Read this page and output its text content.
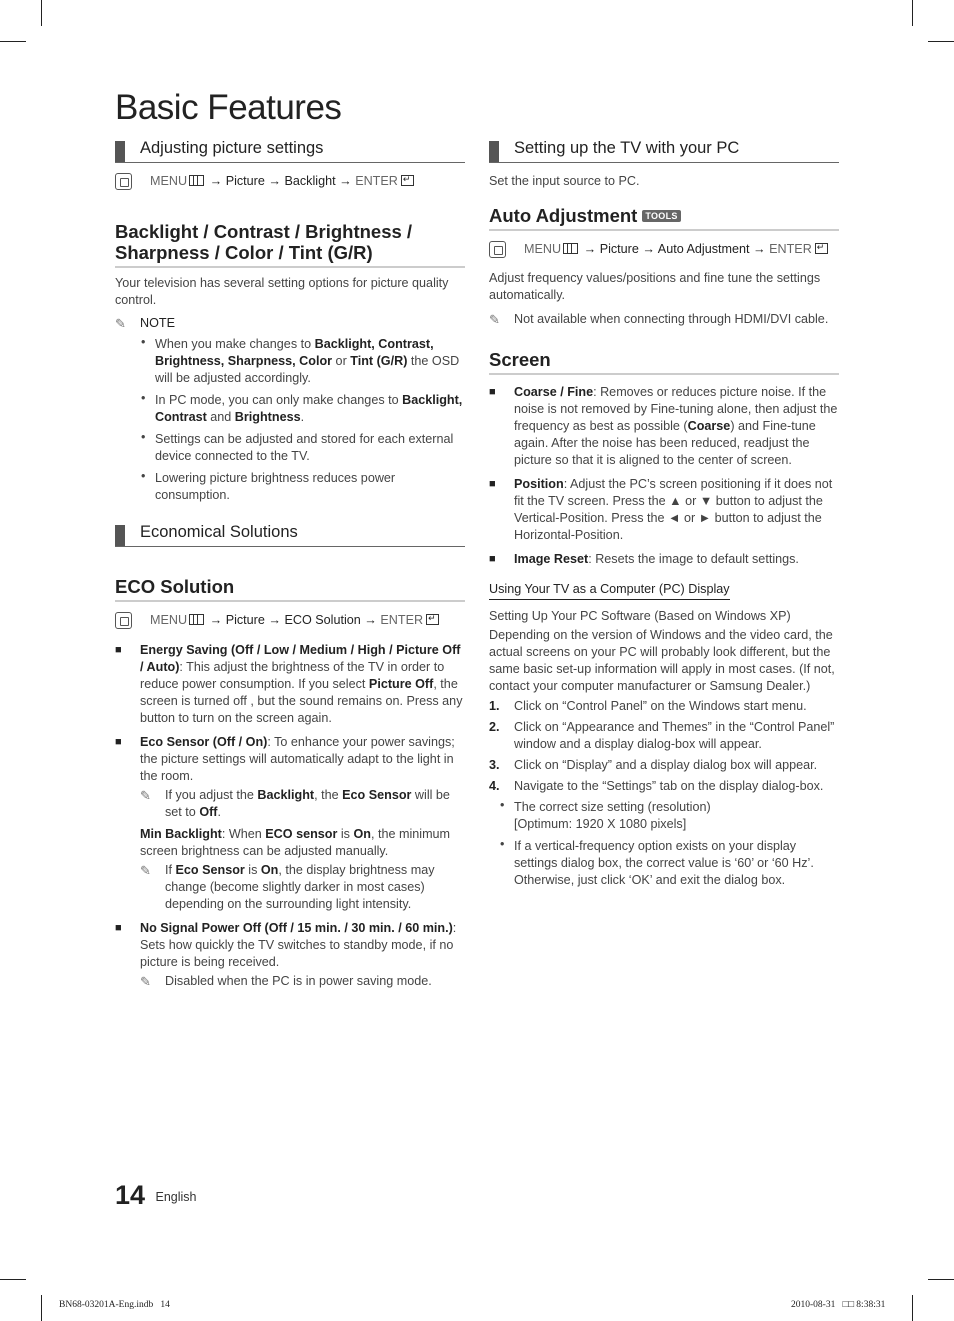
Basic Features
Adjusting picture settings
MENU → Picture → Backlight → ENTER↵
Backlight / Contrast / Brightness / Sharpness / Color / Tint (G/R)

Your television has several setting options for picture quality control.

✎	NOTE
• When you make changes to Backlight, Contrast, Brightness, Sharpness, Color or Tint (G/R) the OSD will be adjusted accordingly.
• In PC mode, you can only make changes to Backlight, Contrast and Brightness.
• Settings can be adjusted and stored for each external device connected to the TV.
• Lowering picture brightness reduces power consumption.
Economical Solutions
ECO Solution
MENU → Picture → ECO Solution → ENTER↵
■ Energy Saving (Off / Low / Medium / High / Picture Off / Auto): This adjust the brightness of the TV in order to reduce power consumption. If you select Picture Off, the screen is turned off , but the sound remains on. Press any button to turn on the screen again.
■ Eco Sensor (Off / On): To enhance your power savings; the picture settings will automatically adapt to the light in the room.
✎	If you adjust the Backlight, the Eco Sensor will be set to Off.

Min Backlight: When ECO sensor is On, the minimum screen brightness can be adjusted manually.

✎	If Eco Sensor is On, the display brightness may change (become slightly darker in most cases) depending on the surrounding light intensity.
■ No Signal Power Off (Off / 15 min. / 30 min. / 60 min.): Sets how quickly the TV switches to standby mode, if no picture is being received.
✎	Disabled when the PC is in power saving mode.
Setting up the TV with your PC

Set the input source to PC.

Auto Adjustment TOOLS
MENU → Picture → Auto Adjustment → ENTER↵

Adjust frequency values/positions and fine tune the settings automatically.

✎	Not available when connecting through HDMI/DVI cable.
Screen
■ Coarse / Fine: Removes or reduces picture noise. If the noise is not removed by Fine-tuning alone, then adjust the frequency as best as possible (Coarse) and Fine-tune again. After the noise has been reduced, readjust the picture so that it is aligned to the center of screen.
■ Position: Adjust the PC’s screen positioning if it does not fit the TV screen. Press the ▲ or ▼ button to adjust the Vertical-Position. Press the ◄ or ► button to adjust the Horizontal-Position.
■ Image Reset: Resets the image to default settings.
Using Your TV as a Computer (PC) Display

Setting Up Your PC Software (Based on Windows XP)

Depending on the version of Windows and the video card, the actual screens on your PC will probably look different, but the same basic set-up information will apply in most cases. (If not, contact your computer manufacturer or Samsung Dealer.)

1. Click on “Control Panel” on the Windows start menu.
2. Click on “Appearance and Themes” in the “Control Panel” window and a display dialog-box will appear.
3. Click on “Display” and a display dialog box will appear.
4. Navigate to the “Settings” tab on the display dialog-box.
• The correct size setting (resolution)
[Optimum: 1920 X 1080 pixels]
• If a vertical-frequency option exists on your display settings dialog box, the correct value is ‘60’ or ‘60 Hz’. Otherwise, just click ‘OK’ and exit the dialog box.
14 English
BN68-03201A-Eng.indb   14	2010-08-31   □□ 8:38:31
